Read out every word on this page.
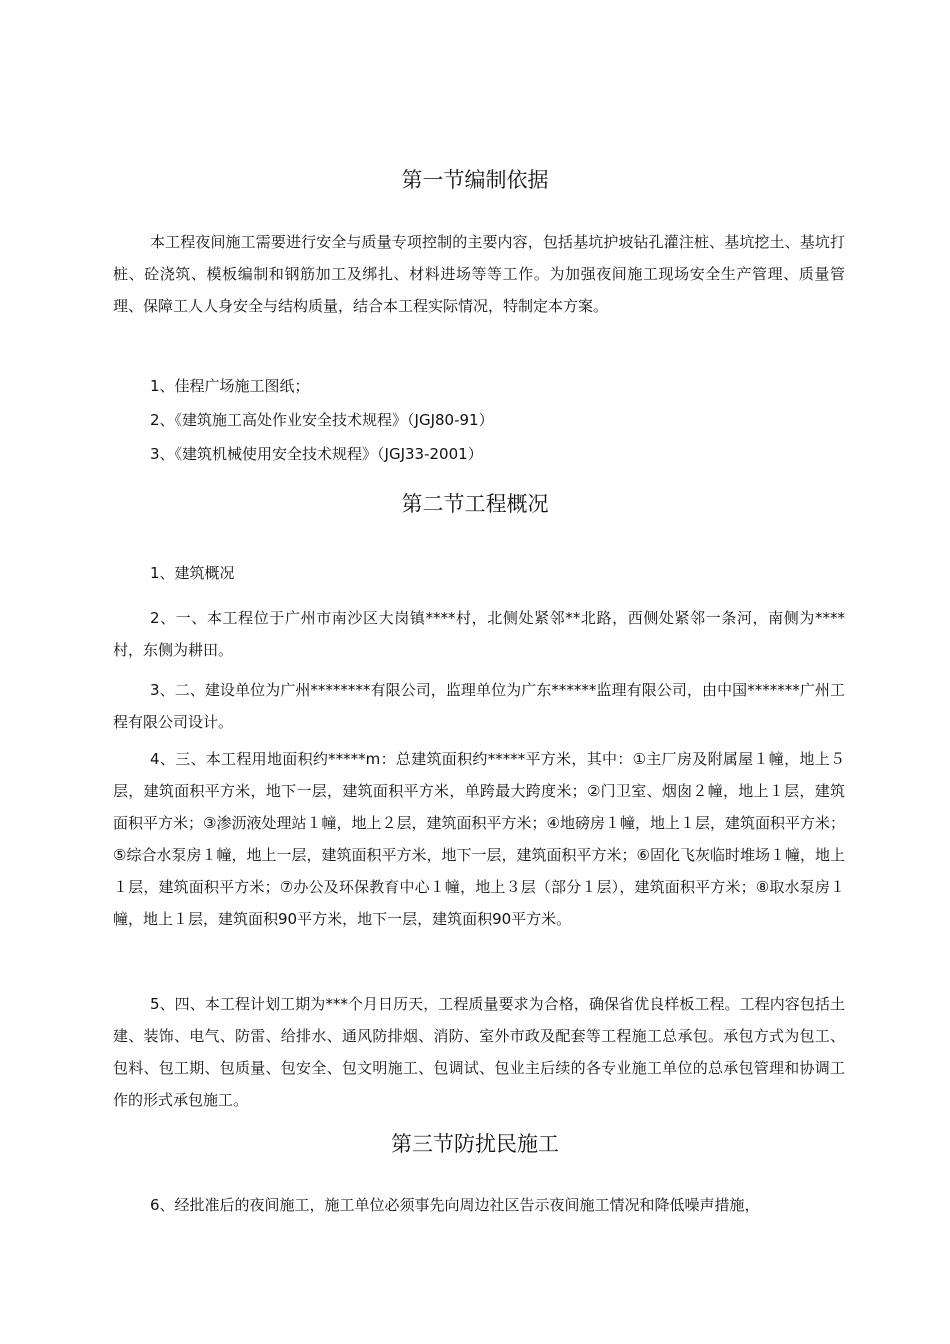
第一节编制依据
本工程夜间施工需要进行安全与质量专项控制的主要内容，包括基坑护坡钻孔灌注桩、基坑挖土、基坑打桩、砼浇筑、模板编制和钢筋加工及绑扎、材料进场等等工作。为加强夜间施工现场安全生产管理、质量管理、保障工人人身安全与结构质量，结合本工程实际情况，特制定本方案。
1、佳程广场施工图纸；
2、《建筑施工高处作业安全技术规程》（JGJ80-91）
3、《建筑机械使用安全技术规程》（JGJ33-2001）
第二节工程概况
1、建筑概况
2、一、本工程位于广州市南沙区大岗镇****村，北侧处紧邻**北路，西侧处紧邻一条河，南侧为****村，东侧为耕田。
3、二、建设单位为广州********有限公司，监理单位为广东******监理有限公司，由中国*******广州工程有限公司设计。
4、三、本工程用地面积约*****m：总建筑面积约*****平方米，其中：①主厂房及附属屋１幢，地上５层，建筑面积平方米，地下一层，建筑面积平方米，单跨最大跨度米；②门卫室、烟囱２幢，地上１层，建筑面积平方米；③渗沥液处理站１幢，地上２层，建筑面积平方米；④地磅房１幢，地上１层，建筑面积平方米；⑤综合水泵房１幢，地上一层，建筑面积平方米，地下一层，建筑面积平方米；⑥固化飞灰临时堆场１幢，地上１层，建筑面积平方米；⑦办公及环保教育中心１幢，地上３层（部分１层），建筑面积平方米；⑧取水泵房１幢，地上１层，建筑面积90平方米，地下一层，建筑面积90平方米。
5、四、本工程计划工期为***个月日历天，工程质量要求为合格，确保省优良样板工程。工程内容包括土建、装饰、电气、防雷、给排水、通风防排烟、消防、室外市政及配套等工程施工总承包。承包方式为包工、包料、包工期、包质量、包安全、包文明施工、包调试、包业主后续的各专业施工单位的总承包管理和协调工作的形式承包施工。
第三节防扰民施工
6、经批准后的夜间施工，施工单位必须事先向周边社区告示夜间施工情况和降低噪声措施，
